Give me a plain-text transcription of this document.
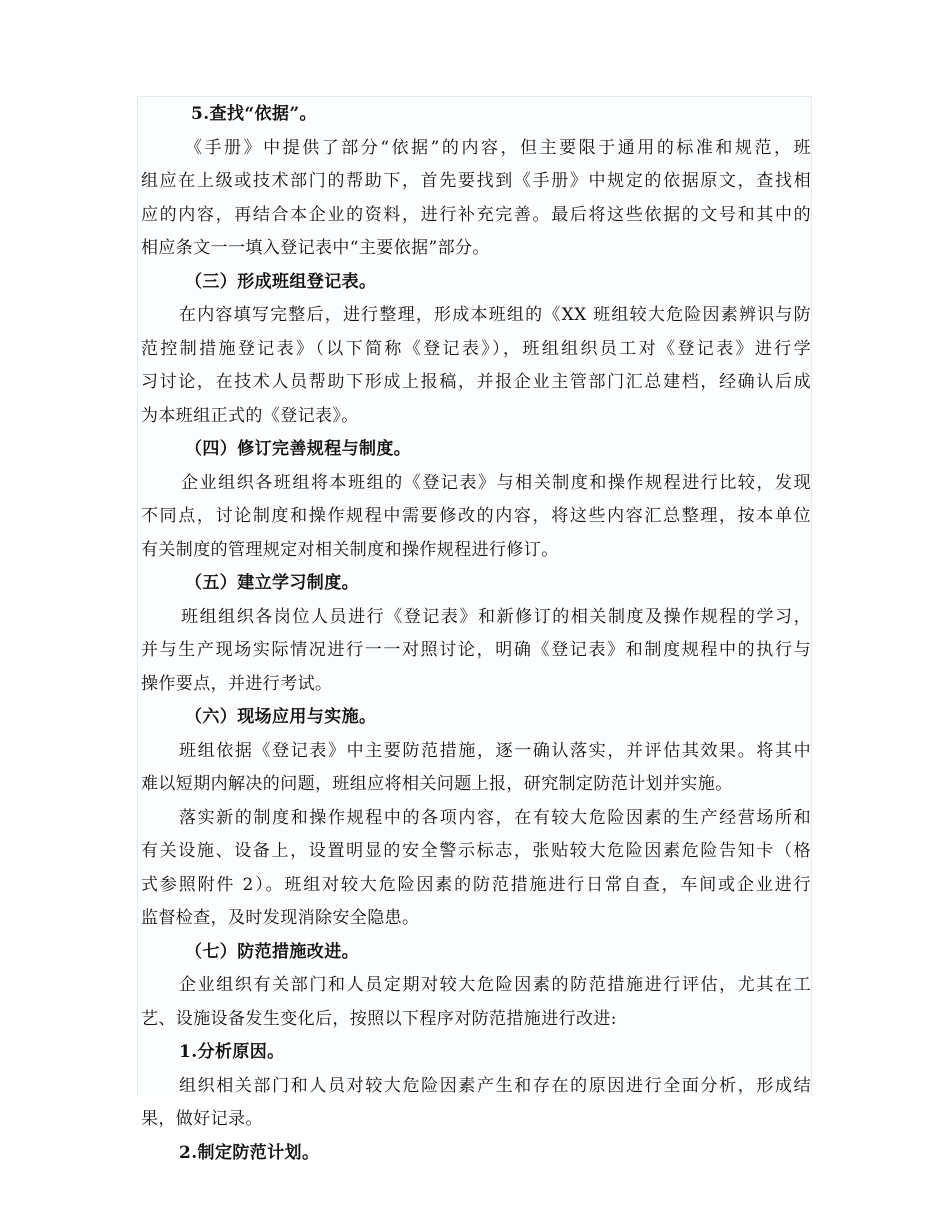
5.查找“依据”。
《手册》中提供了部分“依据”的内容，但主要限于通用的标准和规范，班
组应在上级或技术部门的帮助下，首先要找到《手册》中规定的依据原文，查找相
应的内容，再结合本企业的资料，进行补充完善。最后将这些依据的文号和其中的
相应条文一一填入登记表中“主要依据”部分。
（三）形成班组登记表。
在内容填写完整后，进行整理，形成本班组的《XX 班组较大危险因素辨识与防
范控制措施登记表》（以下简称《登记表》），班组组织员工对《登记表》进行学
习讨论，在技术人员帮助下形成上报稿，并报企业主管部门汇总建档，经确认后成
为本班组正式的《登记表》。
（四）修订完善规程与制度。
企业组织各班组将本班组的《登记表》与相关制度和操作规程进行比较，发现
不同点，讨论制度和操作规程中需要修改的内容，将这些内容汇总整理，按本单位
有关制度的管理规定对相关制度和操作规程进行修订。
（五）建立学习制度。
班组组织各岗位人员进行《登记表》和新修订的相关制度及操作规程的学习，
并与生产现场实际情况进行一一对照讨论，明确《登记表》和制度规程中的执行与
操作要点，并进行考试。
（六）现场应用与实施。
班组依据《登记表》中主要防范措施，逐一确认落实，并评估其效果。将其中
难以短期内解决的问题，班组应将相关问题上报，研究制定防范计划并实施。
落实新的制度和操作规程中的各项内容，在有较大危险因素的生产经营场所和
有关设施、设备上，设置明显的安全警示标志，张贴较大危险因素危险告知卡（格
式参照附件 2）。班组对较大危险因素的防范措施进行日常自查，车间或企业进行
监督检查，及时发现消除安全隐患。
（七）防范措施改进。
企业组织有关部门和人员定期对较大危险因素的防范措施进行评估，尤其在工
艺、设施设备发生变化后，按照以下程序对防范措施进行改进:
1.分析原因。
组织相关部门和人员对较大危险因素产生和存在的原因进行全面分析，形成结
果，做好记录。
2.制定防范计划。
